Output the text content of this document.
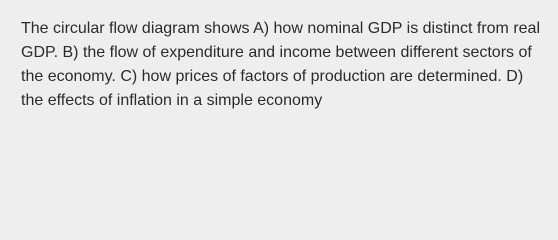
The circular flow diagram shows A) how nominal GDP is distinct from real GDP. B) the flow of expenditure and income between different sectors of the economy. C) how prices of factors of production are determined. D) the effects of inflation in a simple economy
